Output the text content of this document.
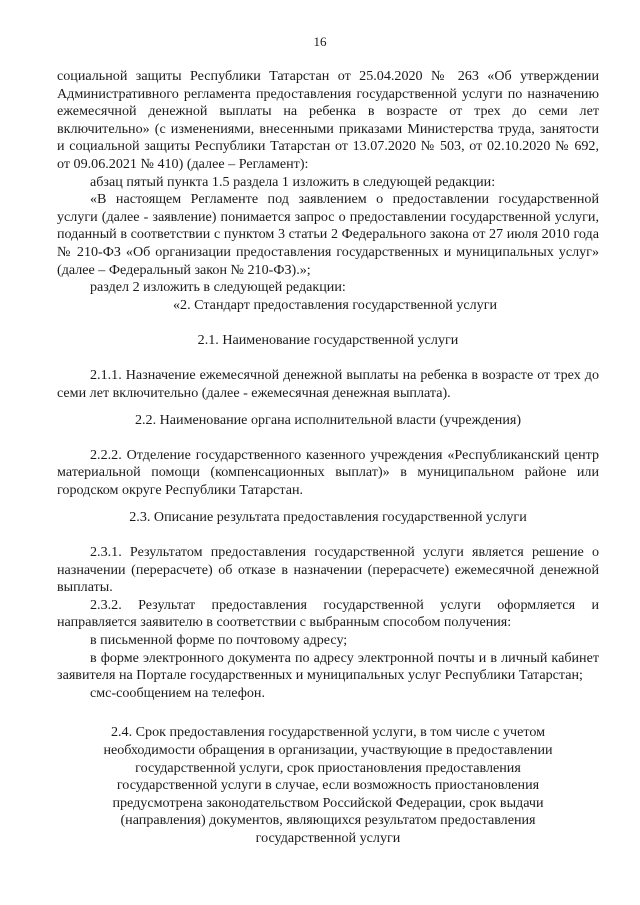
16

социальной защиты Республики Татарстан от 25.04.2020 № 263 «Об утверждении Административного регламента предоставления государственной услуги по назначению ежемесячной денежной выплаты на ребенка в возрасте от трех до семи лет включительно» (с изменениями, внесенными приказами Министерства труда, занятости и социальной защиты Республики Татарстан от 13.07.2020 № 503, от 02.10.2020 № 692, от 09.06.2021 № 410) (далее – Регламент):

абзац пятый пункта 1.5 раздела 1 изложить в следующей редакции:

«В настоящем Регламенте под заявлением о предоставлении государственной услуги (далее - заявление) понимается запрос о предоставлении государственной услуги, поданный в соответствии с пунктом 3 статьи 2 Федерального закона от 27 июля 2010 года № 210-ФЗ «Об организации предоставления государственных и муниципальных услуг» (далее – Федеральный закон № 210-ФЗ).»;

раздел 2 изложить в следующей редакции:

«2. Стандарт предоставления государственной услуги

2.1. Наименование государственной услуги

2.1.1. Назначение ежемесячной денежной выплаты на ребенка в возрасте от трех до семи лет включительно (далее - ежемесячная денежная выплата).

2.2. Наименование органа исполнительной власти (учреждения)

2.2.2. Отделение государственного казенного учреждения «Республиканский центр материальной помощи (компенсационных выплат)» в муниципальном районе или городском округе Республики Татарстан.

2.3. Описание результата предоставления государственной услуги

2.3.1. Результатом предоставления государственной услуги является решение о назначении (перерасчете) об отказе в назначении (перерасчете) ежемесячной денежной выплаты.

2.3.2. Результат предоставления государственной услуги оформляется и направляется заявителю в соответствии с выбранным способом получения:

в письменной форме по почтовому адресу;

в форме электронного документа по адресу электронной почты и в личный кабинет заявителя на Портале государственных и муниципальных услуг Республики Татарстан;

смс-сообщением на телефон.

2.4. Срок предоставления государственной услуги, в том числе с учетом необходимости обращения в организации, участвующие в предоставлении государственной услуги, срок приостановления предоставления государственной услуги в случае, если возможность приостановления предусмотрена законодательством Российской Федерации, срок выдачи (направления) документов, являющихся результатом предоставления государственной услуги
